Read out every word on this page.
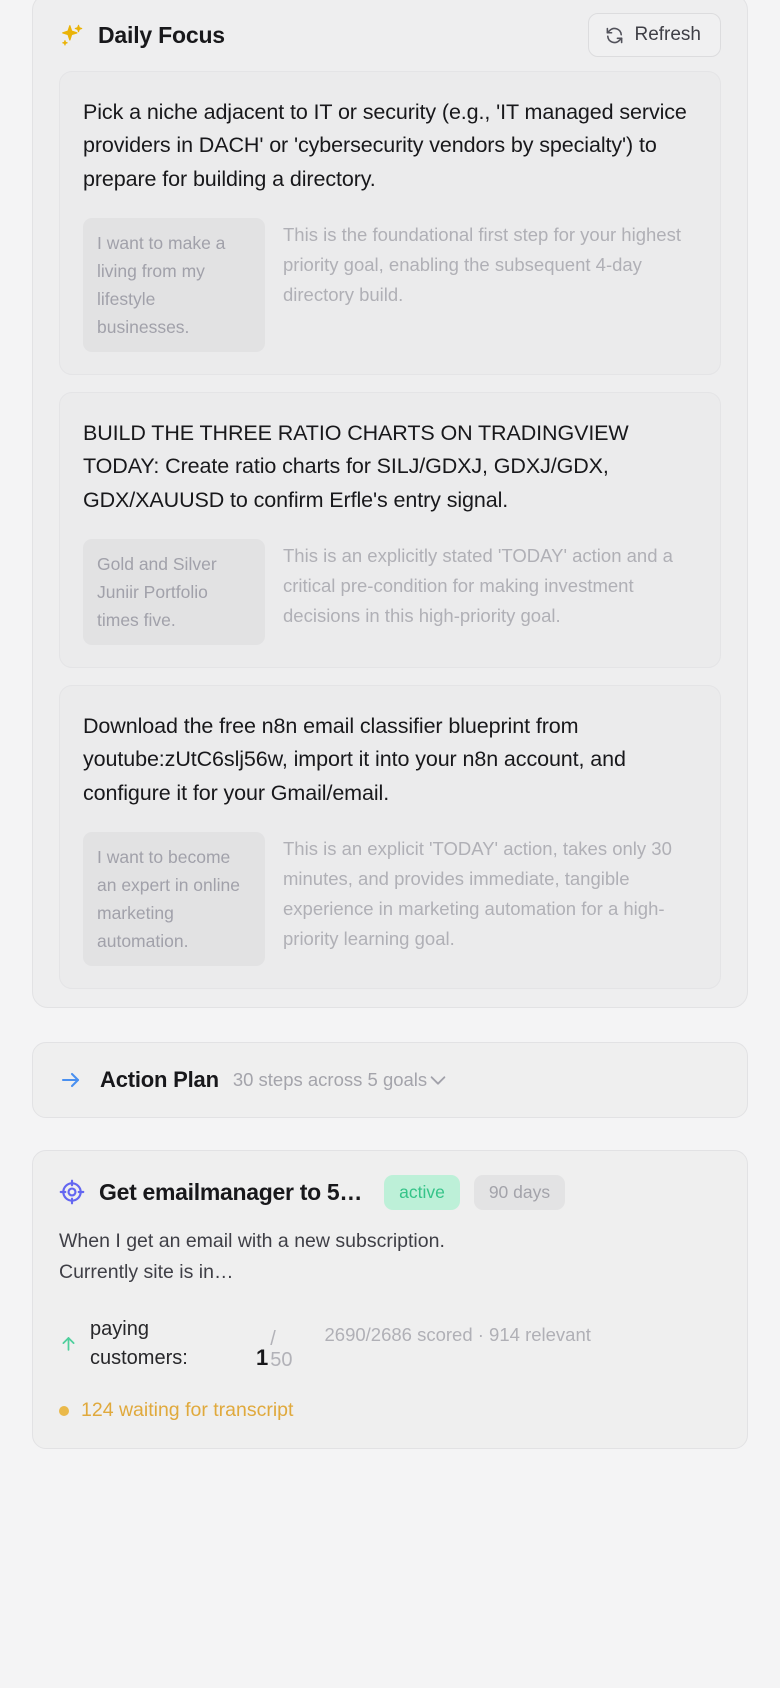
Daily Focus	Refresh

Pick a niche adjacent to IT or security (e.g., 'IT managed service providers in DACH' or 'cybersecurity vendors by specialty') to prepare for building a directory.

I want to make a living from my lifestyle businesses.
This is the foundational first step for your highest priority goal, enabling the subsequent 4-day directory build.

BUILD THE THREE RATIO CHARTS ON TRADINGVIEW TODAY: Create ratio charts for SILJ/GDXJ, GDXJ/GDX, GDX/XAUUSD to confirm Erfle's entry signal.

Gold and Silver Juniir Portfolio times five.
This is an explicitly stated 'TODAY' action and a critical pre-condition for making investment decisions in this high-priority goal.

Download the free n8n email classifier blueprint from youtube:zUtC6slj56w, import it into your n8n account, and configure it for your Gmail/email.

I want to become an expert in online marketing automation.
This is an explicit 'TODAY' action, takes only 30 minutes, and provides immediate, tangible experience in marketing automation for a high-priority learning goal.
Action Plan 30 steps across 5 goals
Get emailmanager to 5…	active	90 days

When I get an email with a new subscription. Currently site is in…

paying customers:	1
/
50
2690/2686 scored · 914 relevant
124 waiting for transcript
